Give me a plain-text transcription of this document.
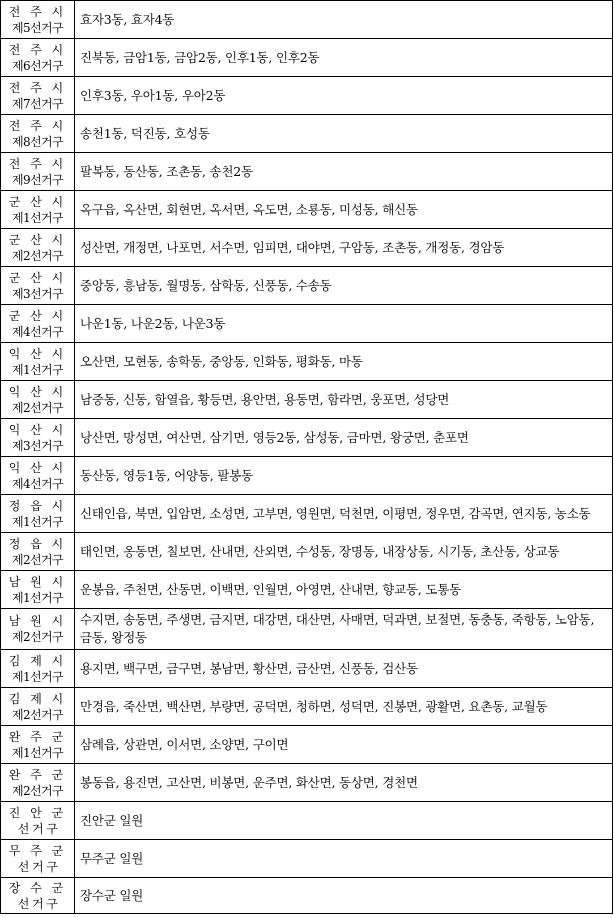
전 주 시
제5선거구	효자3동, 효자4동

전 주 시
제6선거구	진북동, 금암1동, 금암2동, 인후1동, 인후2동

전 주 시
제7선거구	인후3동, 우아1동, 우아2동

전 주 시
제8선거구	송천1동, 덕진동, 호성동

전 주 시
제9선거구	팔복동, 동산동, 조촌동, 송천2동

군 산 시
제1선거구	옥구읍, 옥산면, 회현면, 옥서면, 옥도면, 소룡동, 미성동, 해신동

군 산 시
제2선거구	성산면, 개정면, 나포면, 서수면, 임피면, 대야면, 구암동, 조촌동, 개정동, 경암동

군 산 시
제3선거구	중앙동, 흥남동, 월명동, 삼학동, 신풍동, 수송동

군 산 시
제4선거구	나운1동, 나운2동, 나운3동

익 산 시
제1선거구	오산면, 모현동, 송학동, 중앙동, 인화동, 평화동, 마동

익 산 시
제2선거구	남중동, 신동, 함열읍, 황등면, 용안면, 용동면, 함라면, 웅포면, 성당면

익 산 시
제3선거구	낭산면, 망성면, 여산면, 삼기면, 영등2동, 삼성동, 금마면, 왕궁면, 춘포면

익 산 시
제4선거구	동산동, 영등1동, 어양동, 팔봉동

정 읍 시
제1선거구	신태인읍, 북면, 입암면, 소성면, 고부면, 영원면, 덕천면, 이평면, 정우면, 감곡면, 연지동, 농소동

정 읍 시
제2선거구	태인면, 옹동면, 칠보면, 산내면, 산외면, 수성동, 장명동, 내장상동, 시기동, 초산동, 상교동

남 원 시
제1선거구	운봉읍, 주천면, 산동면, 이백면, 인월면, 아영면, 산내면, 향교동, 도통동

남 원 시
제2선거구	수지면, 송동면, 주생면, 금지면, 대강면, 대산면, 사매면, 덕과면, 보절면, 동충동, 죽항동, 노암동, 금동, 왕정동

김 제 시
제1선거구	용지면, 백구면, 금구면, 봉남면, 황산면, 금산면, 신풍동, 검산동

김 제 시
제2선거구	만경읍, 죽산면, 백산면, 부량면, 공덕면, 청하면, 성덕면, 진봉면, 광활면, 요촌동, 교월동

완 주 군
제1선거구	삼례읍, 상관면, 이서면, 소양면, 구이면

완 주 군
제2선거구	봉동읍, 용진면, 고산면, 비봉면, 운주면, 화산면, 동상면, 경천면

진 안 군
선 거 구	진안군 일원

무 주 군
선 거 구	무주군 일원

장 수 군
선 거 구	장수군 일원
